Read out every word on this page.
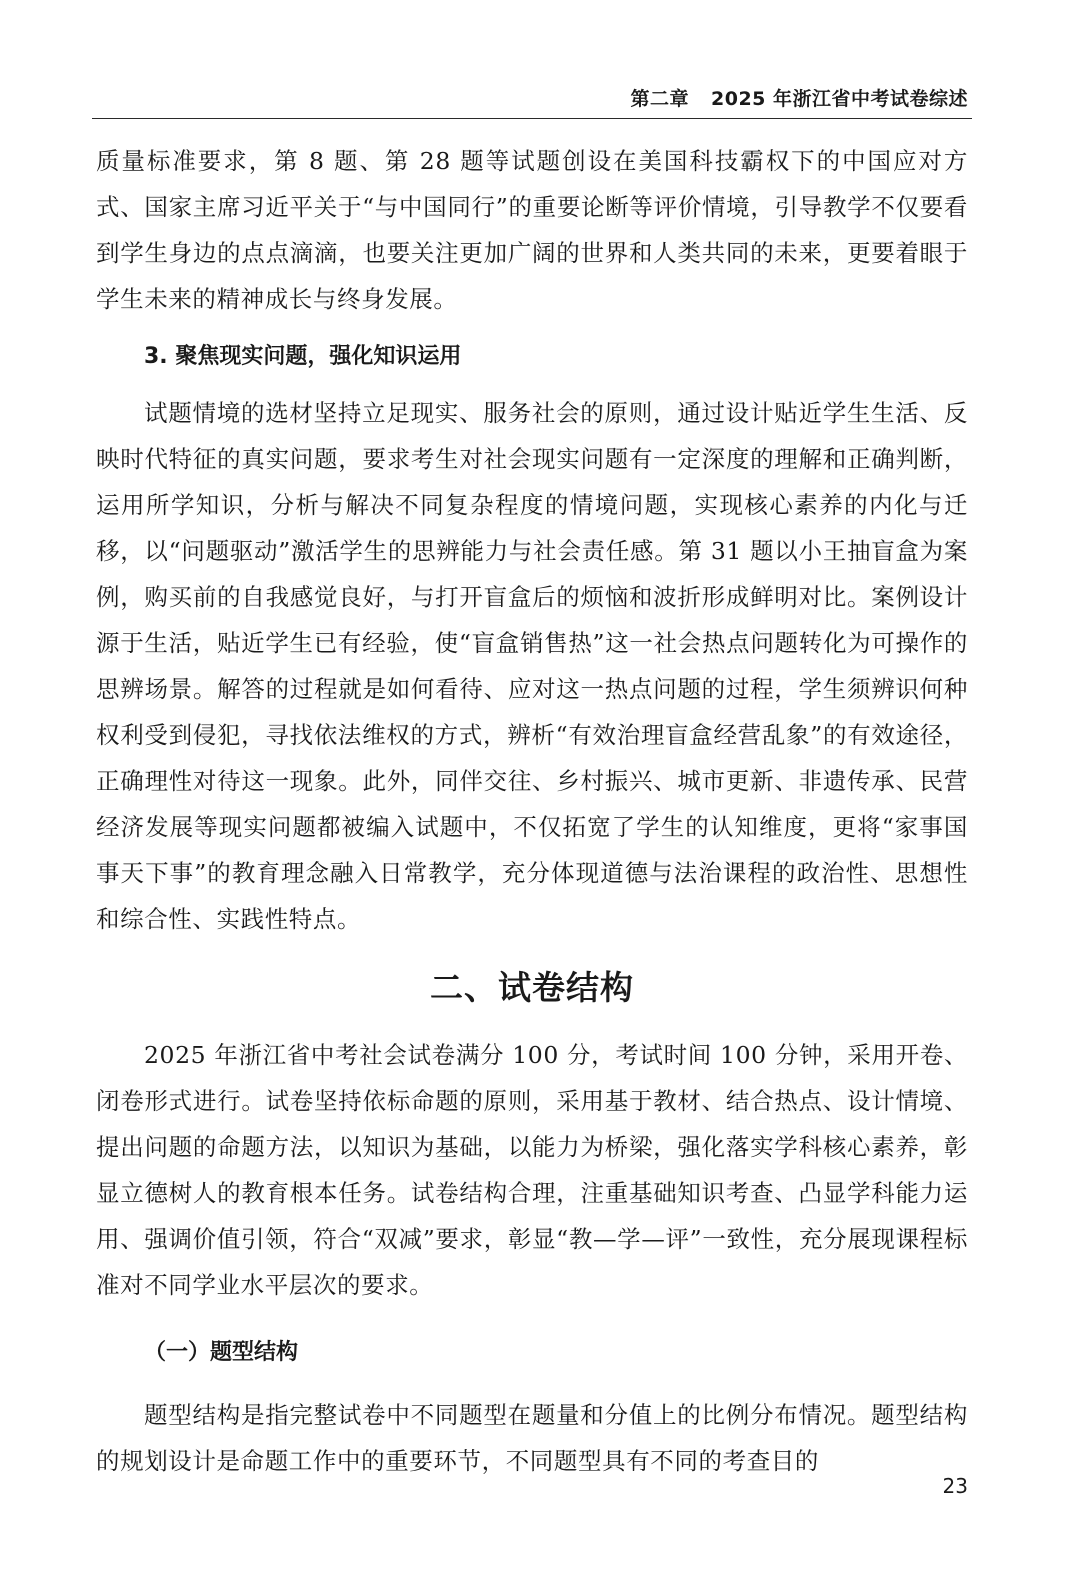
第二章 2025 年浙江省中考试卷综述

质量标准要求，第 8 题、第 28 题等试题创设在美国科技霸权下的中国应对方式、国家主席习近平关于“与中国同行”的重要论断等评价情境，引导教学不仅要看到学生身边的点点滴滴，也要关注更加广阔的世界和人类共同的未来，更要着眼于学生未来的精神成长与终身发展。

3. 聚焦现实问题，强化知识运用

试题情境的选材坚持立足现实、服务社会的原则，通过设计贴近学生生活、反映时代特征的真实问题，要求考生对社会现实问题有一定深度的理解和正确判断，运用所学知识，分析与解决不同复杂程度的情境问题，实现核心素养的内化与迁移，以“问题驱动”激活学生的思辨能力与社会责任感。第 31 题以小王抽盲盒为案例，购买前的自我感觉良好，与打开盲盒后的烦恼和波折形成鲜明对比。案例设计源于生活，贴近学生已有经验，使“盲盒销售热”这一社会热点问题转化为可操作的思辨场景。解答的过程就是如何看待、应对这一热点问题的过程，学生须辨识何种权利受到侵犯，寻找依法维权的方式，辨析“有效治理盲盒经营乱象”的有效途径，正确理性对待这一现象。此外，同伴交往、乡村振兴、城市更新、非遗传承、民营经济发展等现实问题都被编入试题中，不仅拓宽了学生的认知维度，更将“家事国事天下事”的教育理念融入日常教学，充分体现道德与法治课程的政治性、思想性和综合性、实践性特点。

二、试卷结构

2025 年浙江省中考社会试卷满分 100 分，考试时间 100 分钟，采用开卷、闭卷形式进行。试卷坚持依标命题的原则，采用基于教材、结合热点、设计情境、提出问题的命题方法，以知识为基础，以能力为桥梁，强化落实学科核心素养，彰显立德树人的教育根本任务。试卷结构合理，注重基础知识考查、凸显学科能力运用、强调价值引领，符合“双减”要求，彰显“教—学—评”一致性，充分展现课程标准对不同学业水平层次的要求。

（一）题型结构

题型结构是指完整试卷中不同题型在题量和分值上的比例分布情况。题型结构的规划设计是命题工作中的重要环节，不同题型具有不同的考查目的

23
